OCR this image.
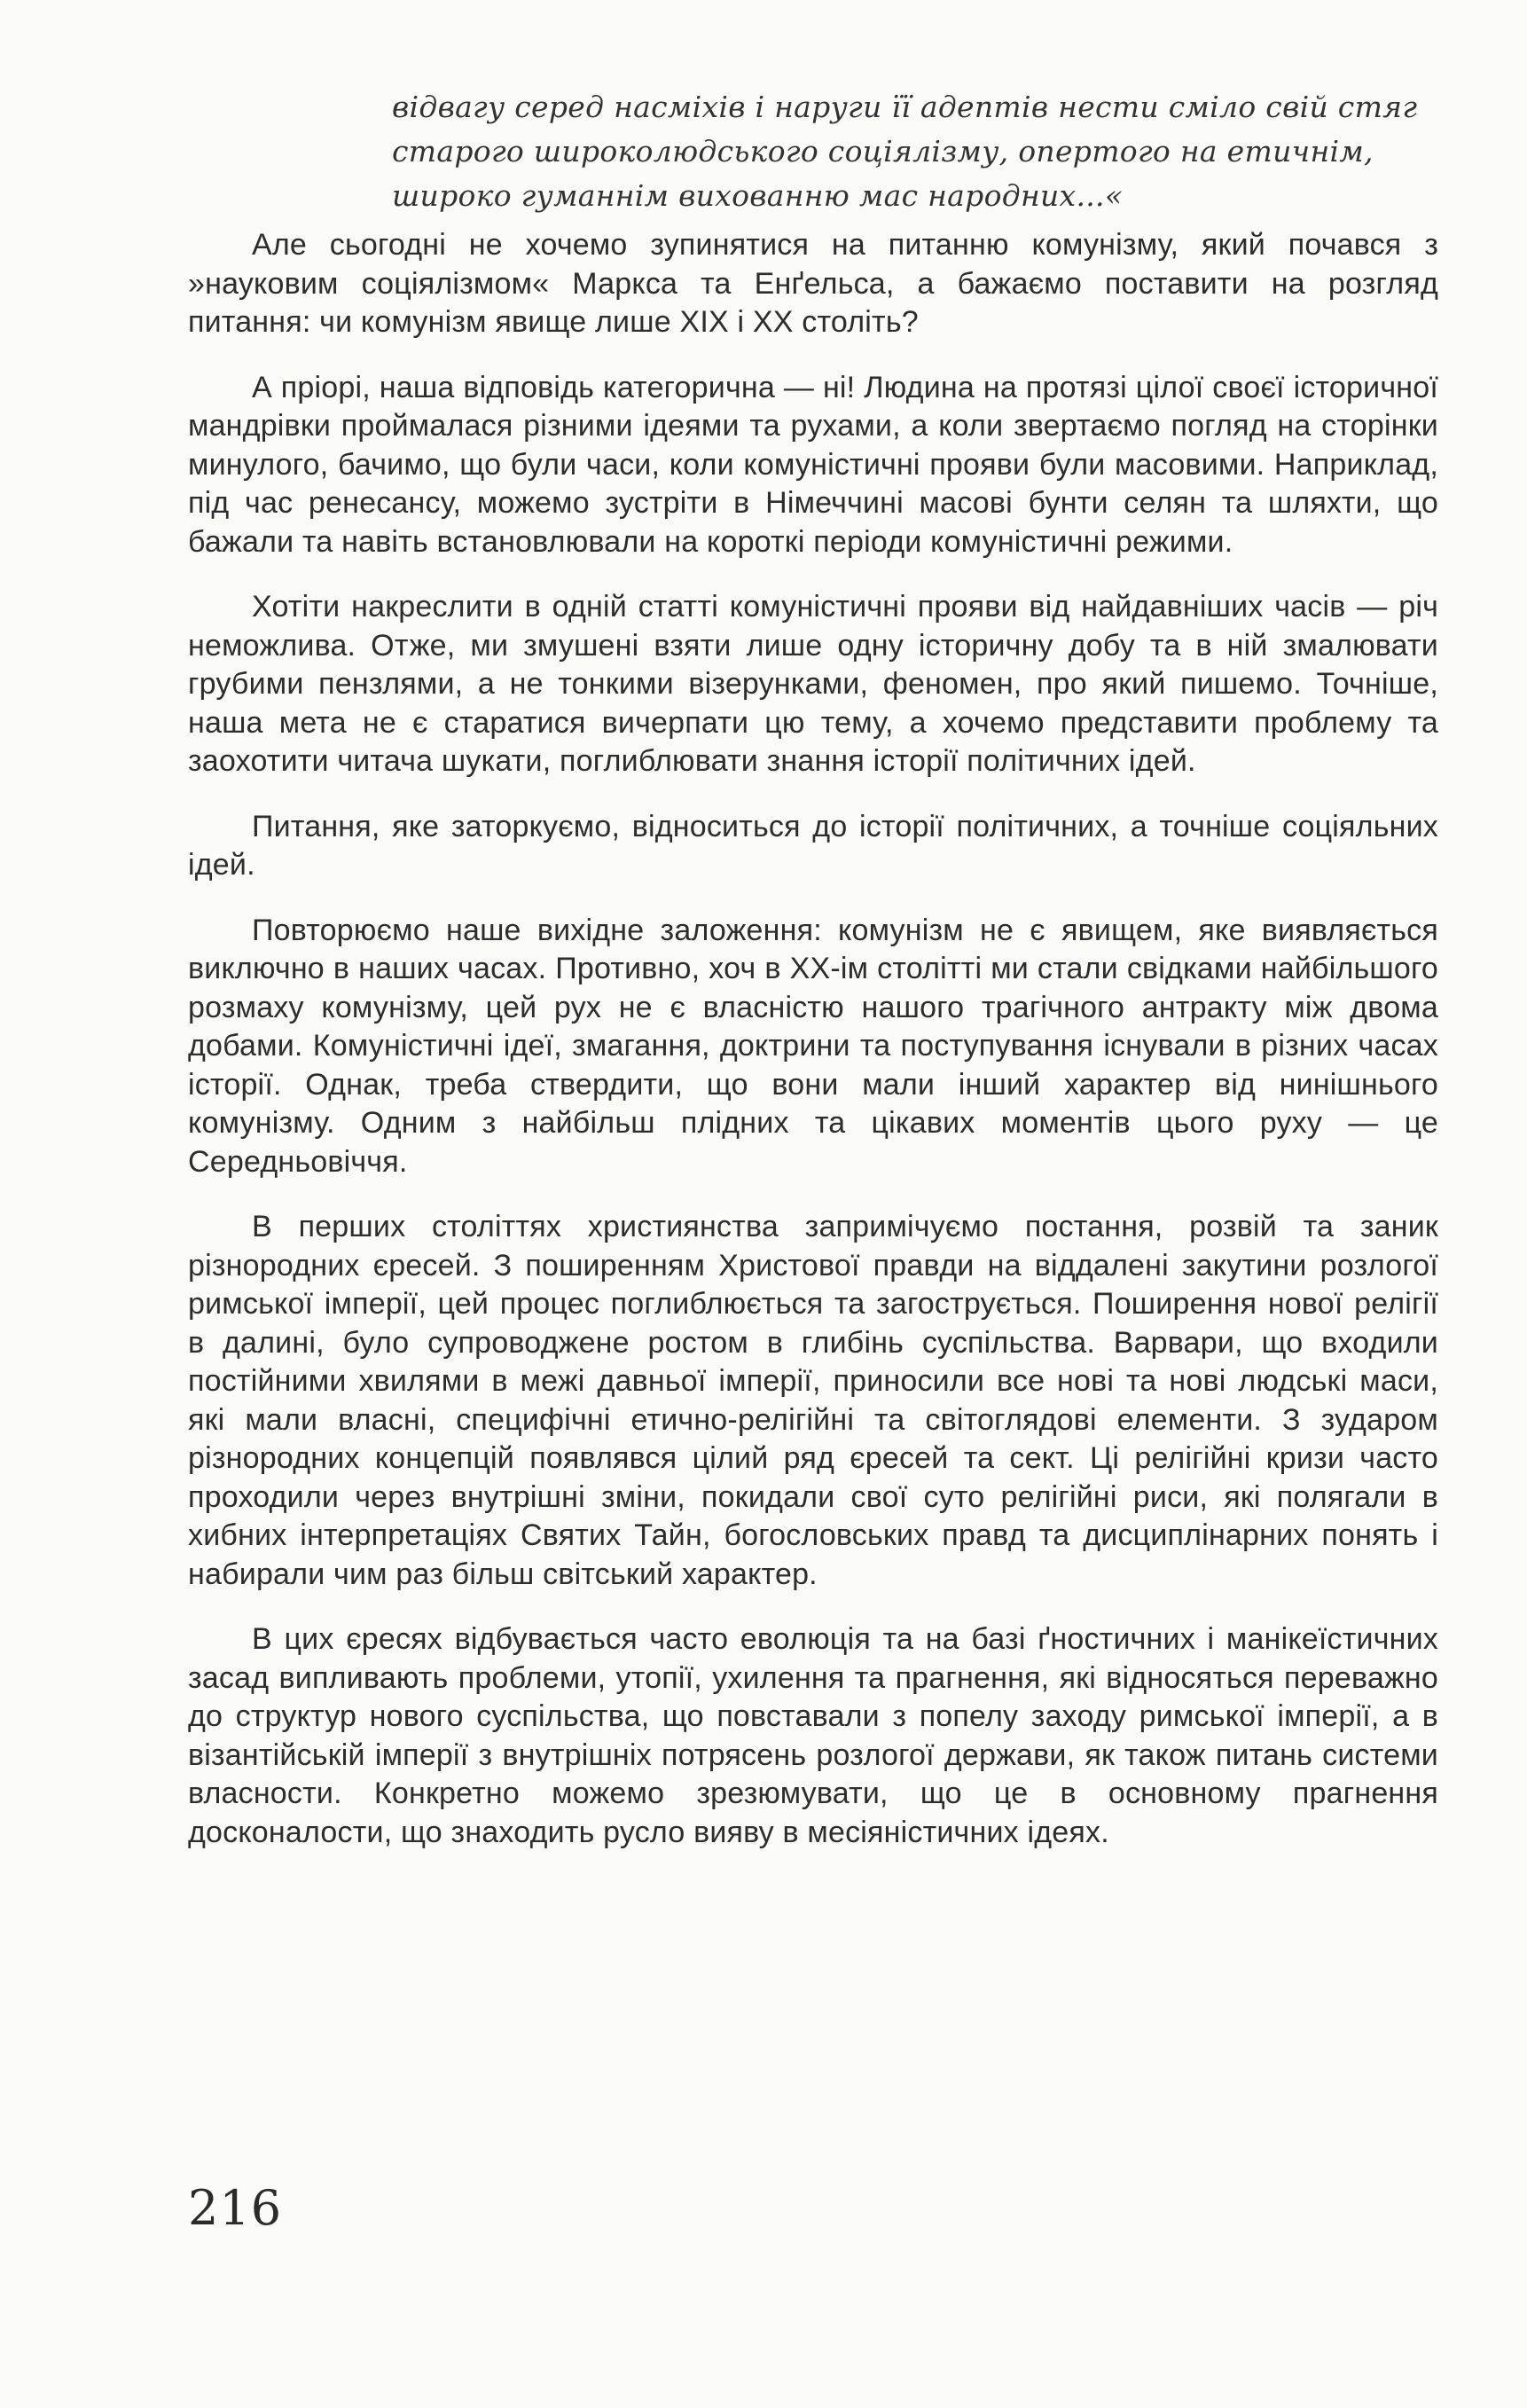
відвагу серед насміхів і наруги її адептів нести сміло свій стяг старого широколюдського соціялізму, опертого на етичнім, широко гуманнім вихованню мас народних...«

Але сьогодні не хочемо зупинятися на питанню комунізму, який почався з »науковим соціялізмом« Маркса та Енґельса, а бажаємо поставити на розгляд питання: чи комунізм явище лише XIX і XX століть?

А пріорі, наша відповідь категорична — ні! Людина на протязі цілої своєї історичної мандрівки проймалася різними ідеями та рухами, а коли звертаємо погляд на сторінки минулого, бачимо, що були часи, коли комуністичні прояви були масовими. Наприклад, під час ренесансу, можемо зустріти в Німеччині масові бунти селян та шляхти, що бажали та навіть встановлювали на короткі періоди комуністичні режими.

Хотіти накреслити в одній статті комуністичні прояви від найдавніших часів — річ неможлива. Отже, ми змушені взяти лише одну історичну добу та в ній змалювати грубими пензлями, а не тонкими візерунками, феномен, про який пишемо. Точніше, наша мета не є старатися вичерпати цю тему, а хочемо представити проблему та заохотити читача шукати, поглиблювати знання історії політичних ідей.

Питання, яке заторкуємо, відноситься до історії політичних, а точніше соціяльних ідей.

Повторюємо наше вихідне заложення: комунізм не є явищем, яке виявляється виключно в наших часах. Противно, хоч в XX-ім столітті ми стали свідками найбільшого розмаху комунізму, цей рух не є власністю нашого трагічного антракту між двома добами. Комуністичні ідеї, змагання, доктрини та поступування існували в різних часах історії. Однак, треба ствердити, що вони мали інший характер від нинішнього комунізму. Одним з найбільш плідних та цікавих моментів цього руху — це Середньовіччя.

В перших століттях християнства запримічуємо постання, розвій та заник різнородних єресей. З поширенням Христової правди на віддалені закутини розлогої римської імперії, цей процес поглиблюється та загострується. Поширення нової релігії в далині, було супроводжене ростом в глибінь суспільства. Варвари, що входили постійними хвилями в межі давньої імперії, приносили все нові та нові людські маси, які мали власні, специфічні етично-релігійні та світоглядові елементи. З зударом різнородних концепцій появлявся цілий ряд єресей та сект. Ці релігійні кризи часто проходили через внутрішні зміни, покидали свої суто релігійні риси, які полягали в хибних інтерпретаціях Святих Тайн, богословських правд та дисциплінарних понять і набирали чим раз більш світський характер.

В цих єресях відбувається часто еволюція та на базі ґностичних і манікеїстичних засад випливають проблеми, утопії, ухилення та прагнення, які відносяться переважно до структур нового суспільства, що повставали з попелу заходу римської імперії, а в візантійській імперії з внутрішніх потрясень розлогої держави, як також питань системи власности. Конкретно можемо зрезюмувати, що це в основному прагнення досконалости, що знаходить русло вияву в месіяністичних ідеях.

216
